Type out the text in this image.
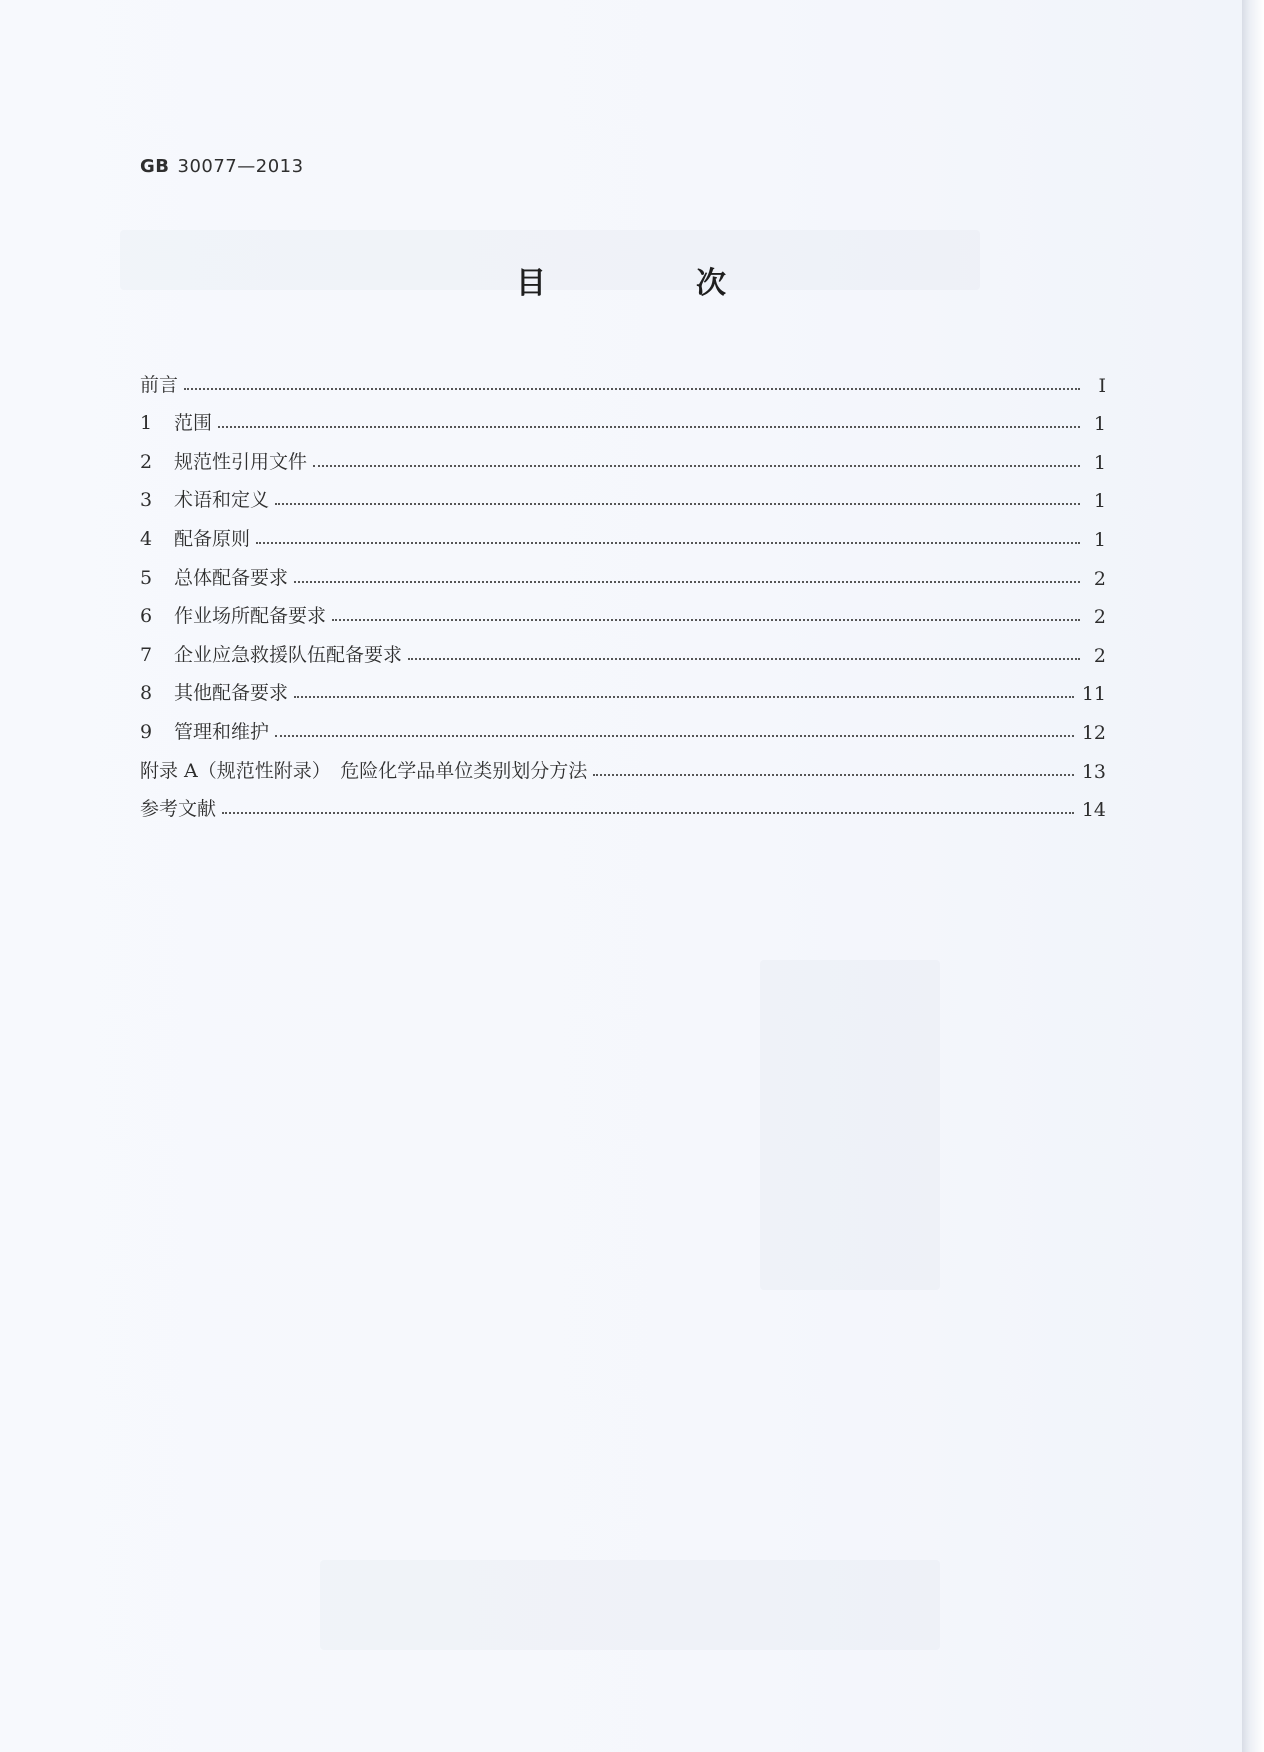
GB 30077—2013
目　次
前言	I
1 范围	1
2 规范性引用文件	1
3 术语和定义	1
4 配备原则	1
5 总体配备要求	2
6 作业场所配备要求	2
7 企业应急救援队伍配备要求	2
8 其他配备要求	11
9 管理和维护	12
附录 A（规范性附录）　危险化学品单位类别划分方法	13
参考文献	14
